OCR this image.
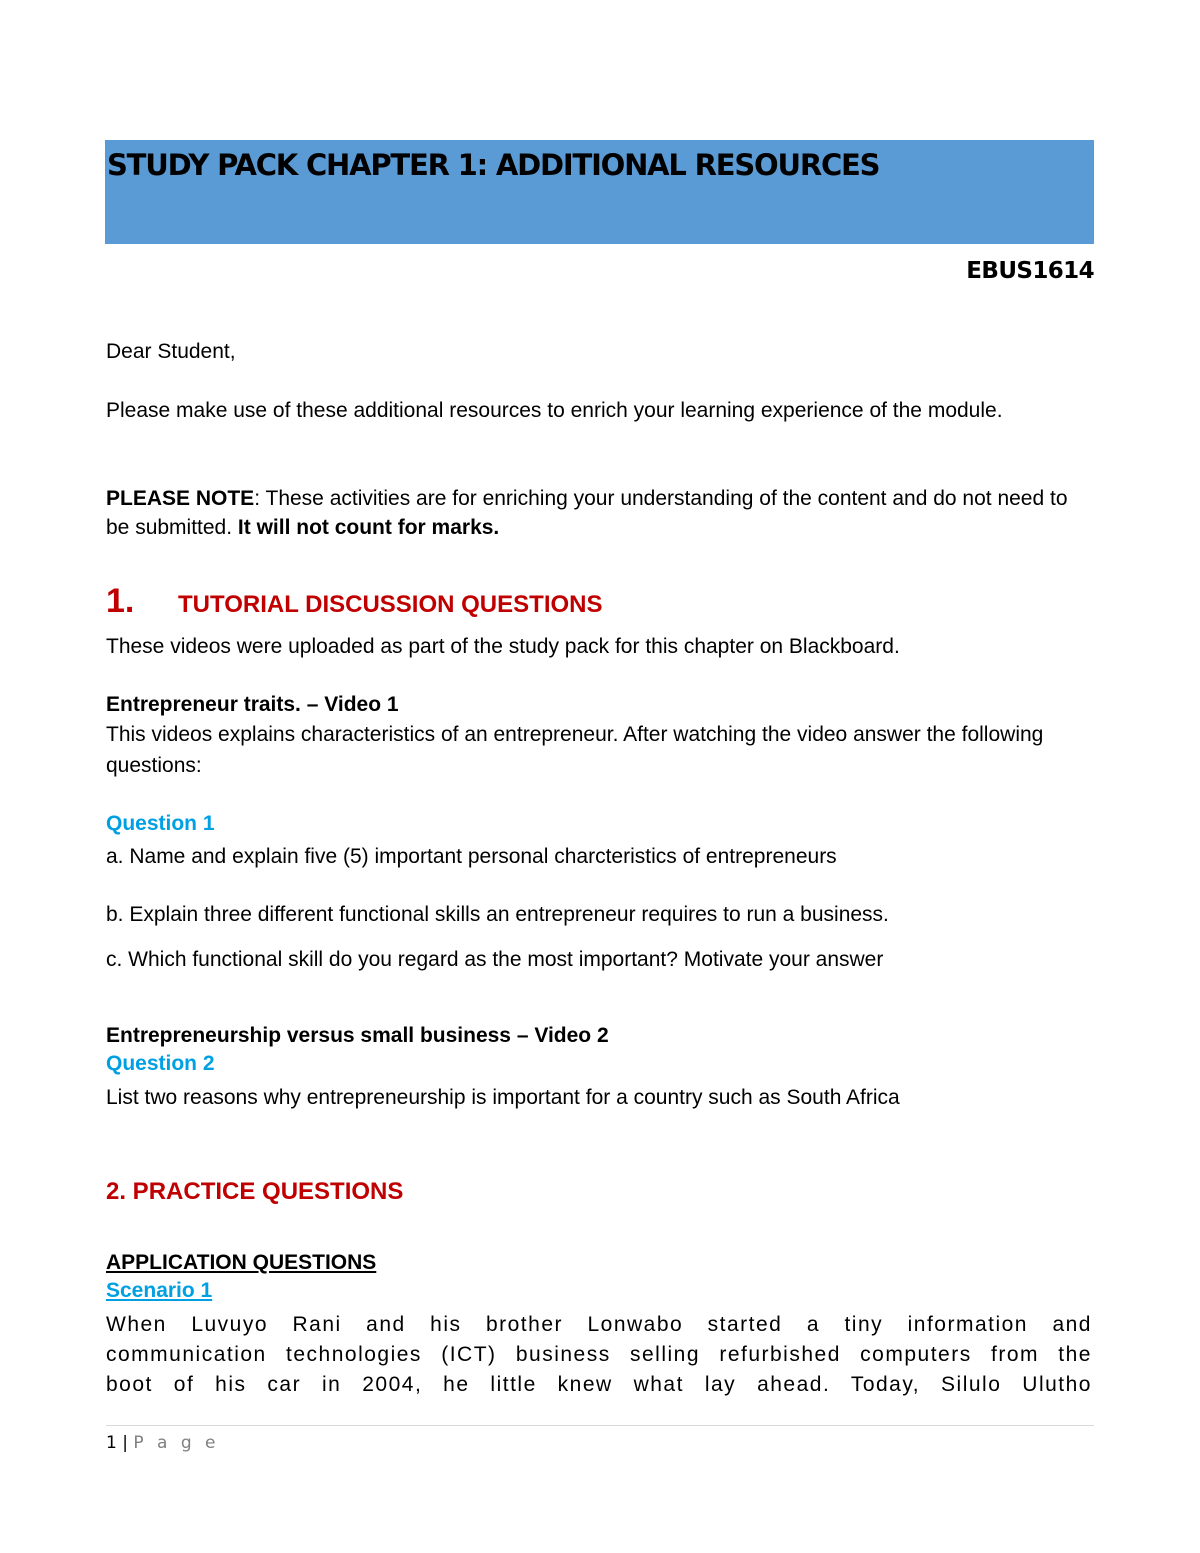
STUDY PACK CHAPTER 1: ADDITIONAL RESOURCES
EBUS1614
Dear Student,
Please make use of these additional resources to enrich your learning experience of the module.
PLEASE NOTE: These activities are for enriching your understanding of the content and do not need to be submitted. It will not count for marks.
1. TUTORIAL DISCUSSION QUESTIONS
These videos were uploaded as part of the study pack for this chapter on Blackboard.
Entrepreneur traits. – Video 1
This videos explains characteristics of an entrepreneur. After watching the video answer the following questions:
Question 1
a. Name and explain five (5) important personal charcteristics of entrepreneurs
b. Explain three different functional skills an entrepreneur requires to run a business.
c. Which functional skill do you regard as the most important? Motivate your answer
Entrepreneurship versus small business – Video 2
Question 2
List two reasons why entrepreneurship is important for a country such as South Africa
2. PRACTICE QUESTIONS
APPLICATION QUESTIONS
Scenario 1
When Luvuyo Rani and his brother Lonwabo started a tiny information and
communication technologies (ICT) business selling refurbished computers from the
boot of his car in 2004, he little knew what lay ahead. Today, Silulo Ulutho
1 | P a g e
